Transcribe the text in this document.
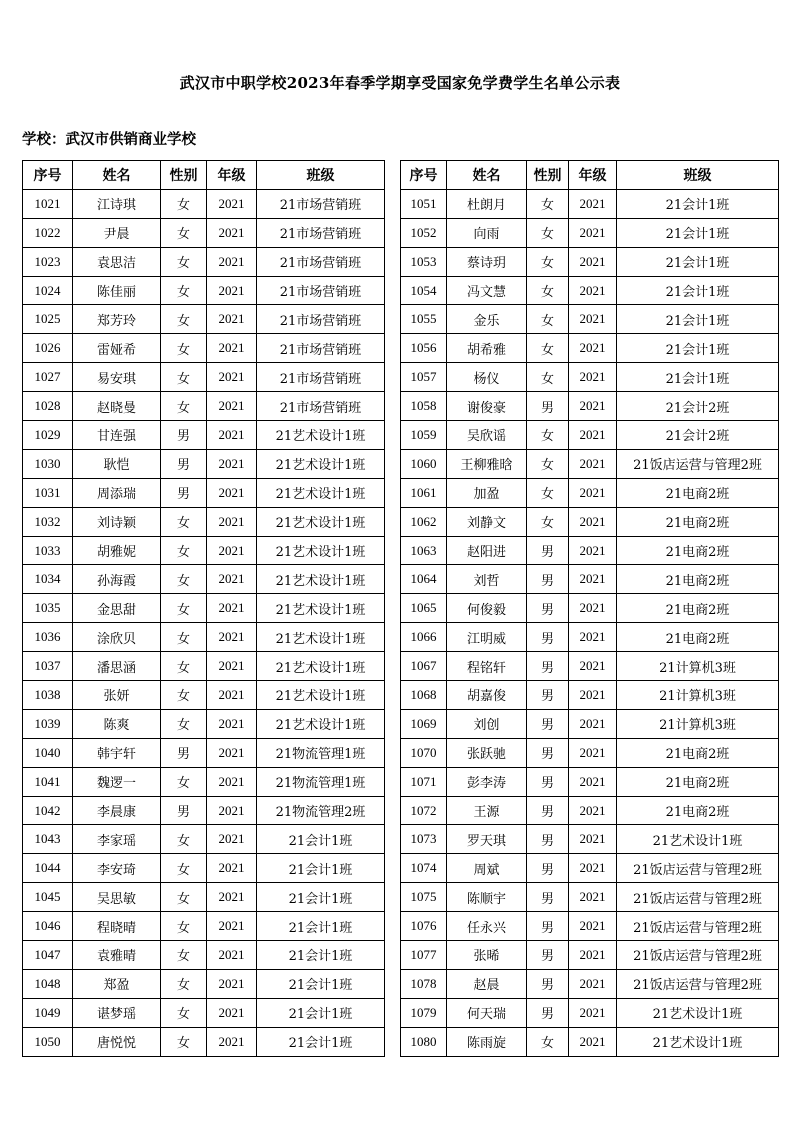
武汉市中职学校2023年春季学期享受国家免学费学生名单公示表
学校：武汉市供销商业学校
序号	姓名	性别	年级	班级
1021	江诗琪	女	2021	21市场营销班
1022	尹晨	女	2021	21市场营销班
1023	袁思洁	女	2021	21市场营销班
1024	陈佳丽	女	2021	21市场营销班
1025	郑芳玲	女	2021	21市场营销班
1026	雷娅希	女	2021	21市场营销班
1027	易安琪	女	2021	21市场营销班
1028	赵晓曼	女	2021	21市场营销班
1029	甘连强	男	2021	21艺术设计1班
1030	耿恺	男	2021	21艺术设计1班
1031	周添瑞	男	2021	21艺术设计1班
1032	刘诗颖	女	2021	21艺术设计1班
1033	胡雅妮	女	2021	21艺术设计1班
1034	孙海霞	女	2021	21艺术设计1班
1035	金思甜	女	2021	21艺术设计1班
1036	涂欣贝	女	2021	21艺术设计1班
1037	潘思涵	女	2021	21艺术设计1班
1038	张妍	女	2021	21艺术设计1班
1039	陈爽	女	2021	21艺术设计1班
1040	韩宇轩	男	2021	21物流管理1班
1041	魏逻一	女	2021	21物流管理1班
1042	李晨康	男	2021	21物流管理2班
1043	李家瑶	女	2021	21会计1班
1044	李安琦	女	2021	21会计1班
1045	吴思敏	女	2021	21会计1班
1046	程晓晴	女	2021	21会计1班
1047	袁雅晴	女	2021	21会计1班
1048	郑盈	女	2021	21会计1班
1049	谌梦瑶	女	2021	21会计1班
1050	唐悦悦	女	2021	21会计1班
序号	姓名	性别	年级	班级
1051	杜朗月	女	2021	21会计1班
1052	向雨	女	2021	21会计1班
1053	蔡诗玥	女	2021	21会计1班
1054	冯文慧	女	2021	21会计1班
1055	金乐	女	2021	21会计1班
1056	胡希雅	女	2021	21会计1班
1057	杨仪	女	2021	21会计1班
1058	谢俊豪	男	2021	21会计2班
1059	吴欣谣	女	2021	21会计2班
1060	王柳雅晗	女	2021	21饭店运营与管理2班
1061	加盈	女	2021	21电商2班
1062	刘静文	女	2021	21电商2班
1063	赵阳进	男	2021	21电商2班
1064	刘哲	男	2021	21电商2班
1065	何俊毅	男	2021	21电商2班
1066	江明威	男	2021	21电商2班
1067	程铭轩	男	2021	21计算机3班
1068	胡嘉俊	男	2021	21计算机3班
1069	刘创	男	2021	21计算机3班
1070	张跃驰	男	2021	21电商2班
1071	彭李涛	男	2021	21电商2班
1072	王源	男	2021	21电商2班
1073	罗天琪	男	2021	21艺术设计1班
1074	周斌	男	2021	21饭店运营与管理2班
1075	陈顺宇	男	2021	21饭店运营与管理2班
1076	任永兴	男	2021	21饭店运营与管理2班
1077	张晞	男	2021	21饭店运营与管理2班
1078	赵晨	男	2021	21饭店运营与管理2班
1079	何天瑞	男	2021	21艺术设计1班
1080	陈雨旋	女	2021	21艺术设计1班
